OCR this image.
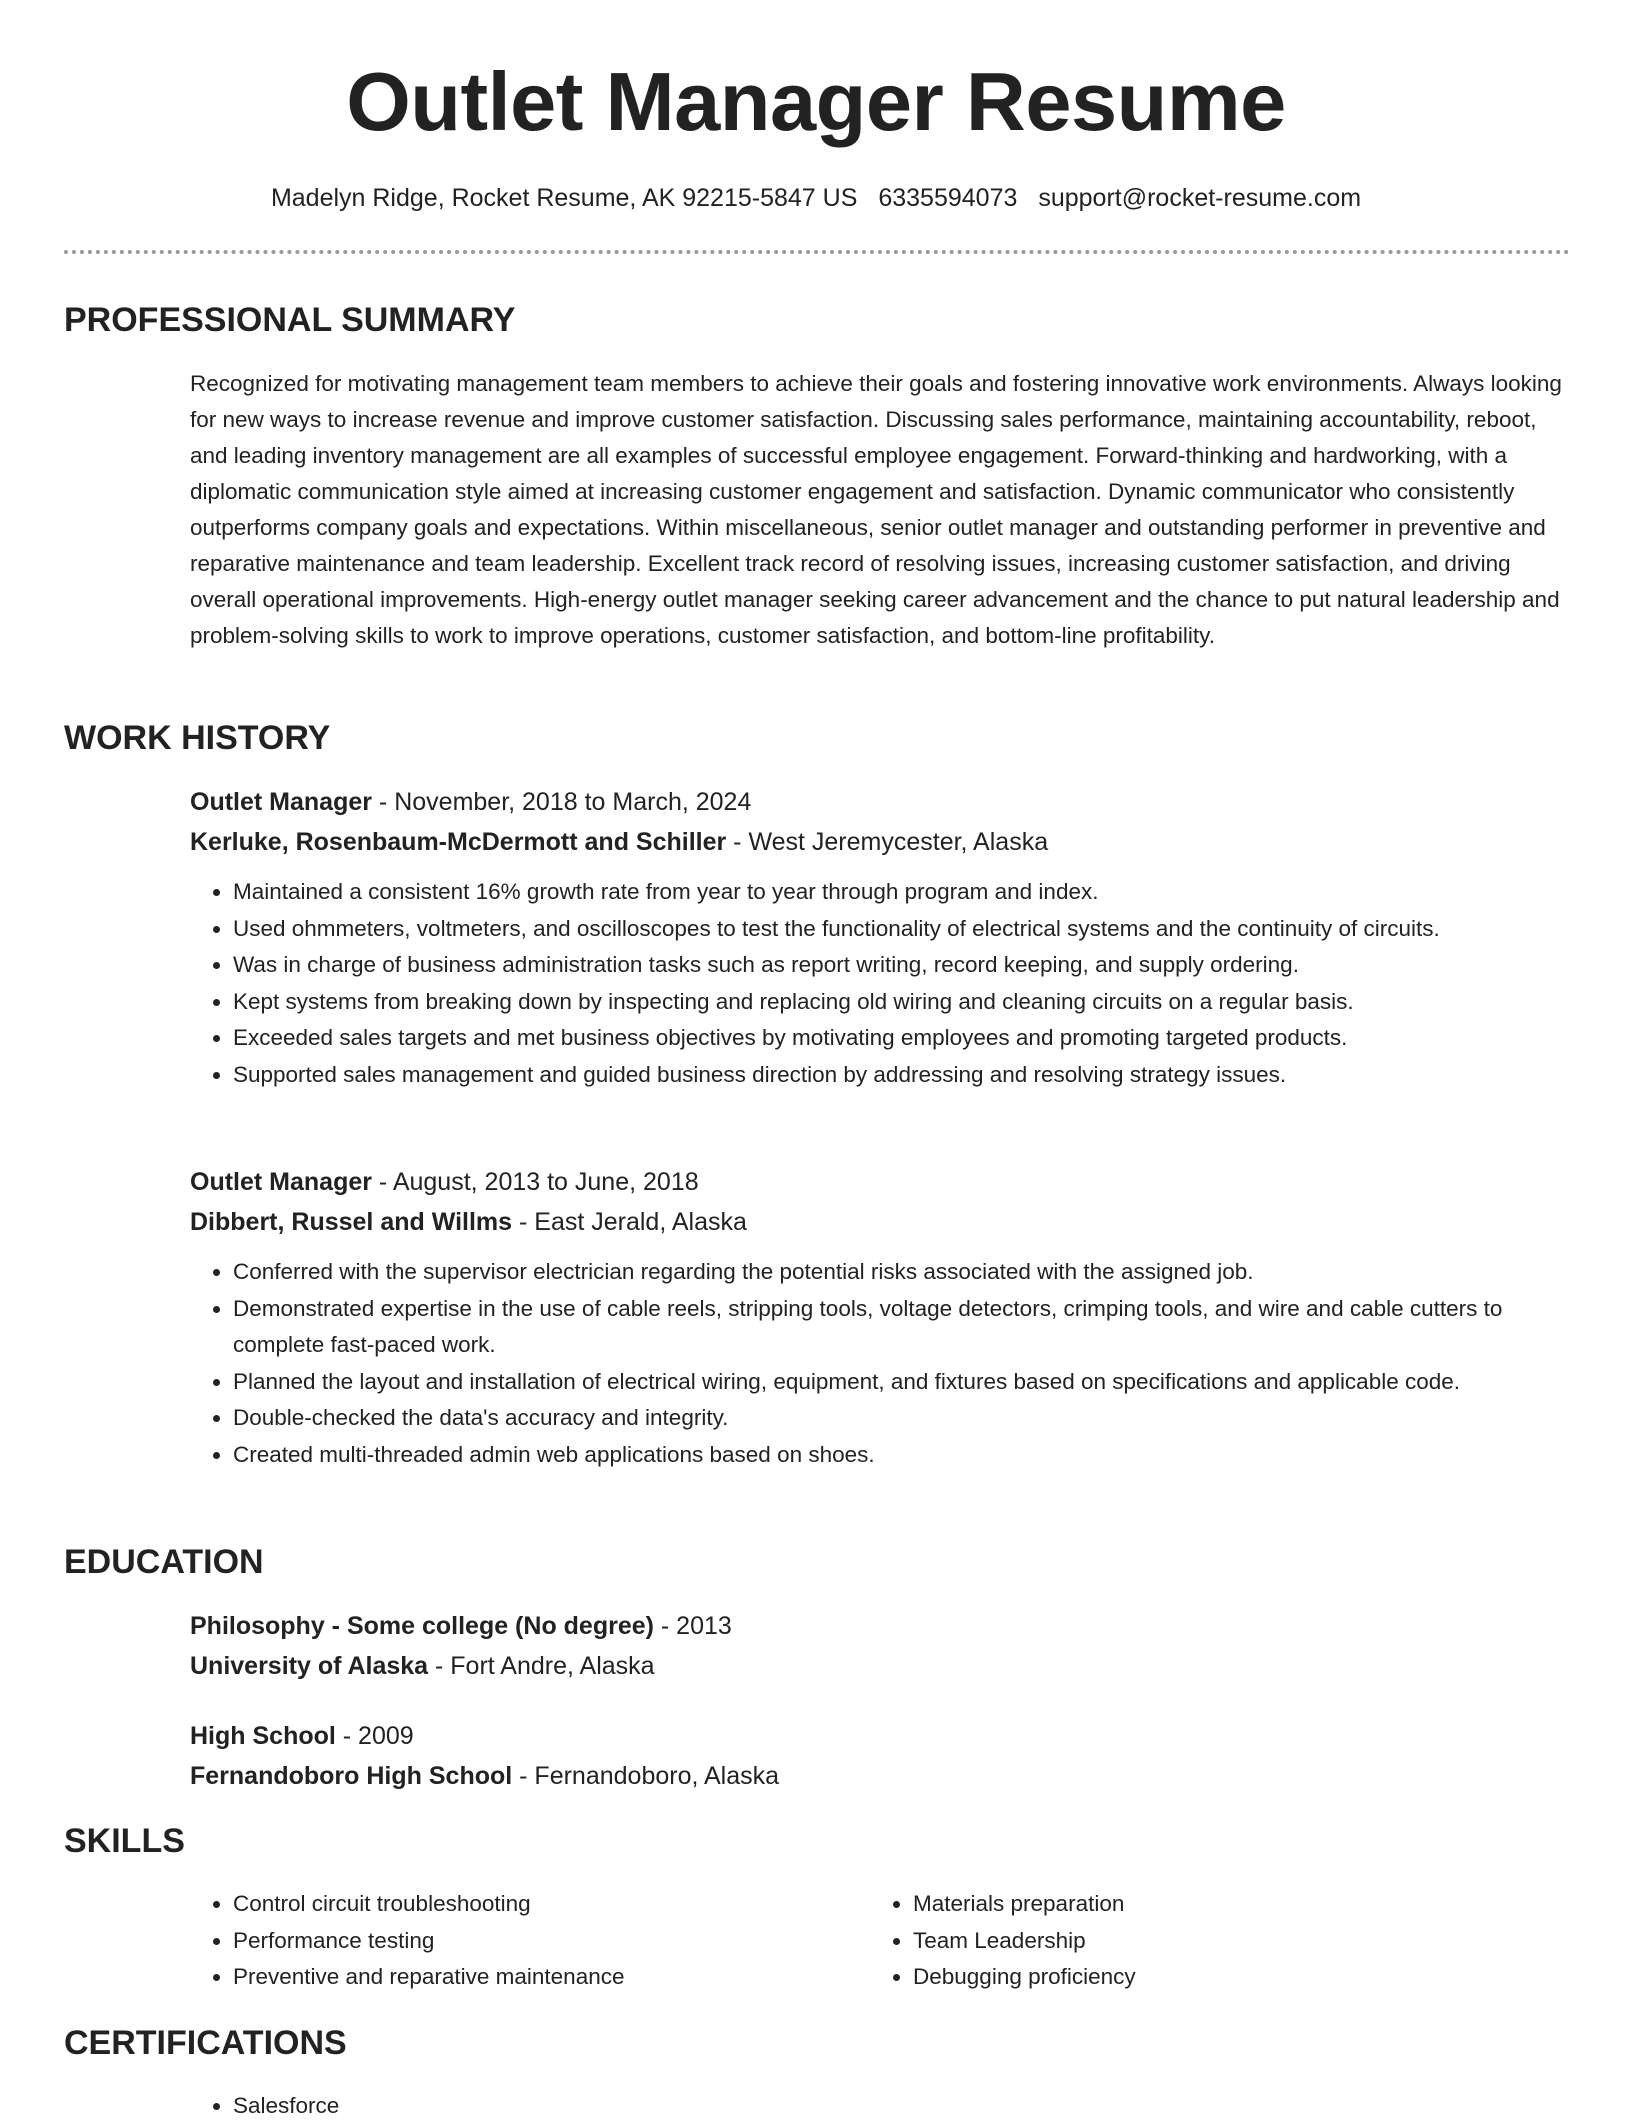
Outlet Manager Resume
Madelyn Ridge, Rocket Resume, AK 92215-5847 US 6335594073 support@rocket-resume.com
PROFESSIONAL SUMMARY

Recognized for motivating management team members to achieve their goals and fostering innovative work environments. Always looking for new ways to increase revenue and improve customer satisfaction. Discussing sales performance, maintaining accountability, reboot, and leading inventory management are all examples of successful employee engagement. Forward-thinking and hardworking, with a diplomatic communication style aimed at increasing customer engagement and satisfaction. Dynamic communicator who consistently outperforms company goals and expectations. Within miscellaneous, senior outlet manager and outstanding performer in preventive and reparative maintenance and team leadership. Excellent track record of resolving issues, increasing customer satisfaction, and driving overall operational improvements. High-energy outlet manager seeking career advancement and the chance to put natural leadership and problem-solving skills to work to improve operations, customer satisfaction, and bottom-line profitability.

WORK HISTORY
Outlet Manager - November, 2018 to March, 2024
Kerluke, Rosenbaum-McDermott and Schiller - West Jeremycester, Alaska
• Maintained a consistent 16% growth rate from year to year through program and index.
• Used ohmmeters, voltmeters, and oscilloscopes to test the functionality of electrical systems and the continuity of circuits.
• Was in charge of business administration tasks such as report writing, record keeping, and supply ordering.
• Kept systems from breaking down by inspecting and replacing old wiring and cleaning circuits on a regular basis.
• Exceeded sales targets and met business objectives by motivating employees and promoting targeted products.
• Supported sales management and guided business direction by addressing and resolving strategy issues.
Outlet Manager - August, 2013 to June, 2018
Dibbert, Russel and Willms - East Jerald, Alaska
• Conferred with the supervisor electrician regarding the potential risks associated with the assigned job.
• Demonstrated expertise in the use of cable reels, stripping tools, voltage detectors, crimping tools, and wire and cable cutters to complete fast-paced work.
• Planned the layout and installation of electrical wiring, equipment, and fixtures based on specifications and applicable code.
• Double-checked the data's accuracy and integrity.
• Created multi-threaded admin web applications based on shoes.
EDUCATION
Philosophy - Some college (No degree) - 2013
University of Alaska - Fort Andre, Alaska
High School - 2009
Fernandoboro High School - Fernandoboro, Alaska
SKILLS
• Control circuit troubleshooting
• Performance testing
• Preventive and reparative maintenance
• Materials preparation
• Team Leadership
• Debugging proficiency
CERTIFICATIONS
• Salesforce
